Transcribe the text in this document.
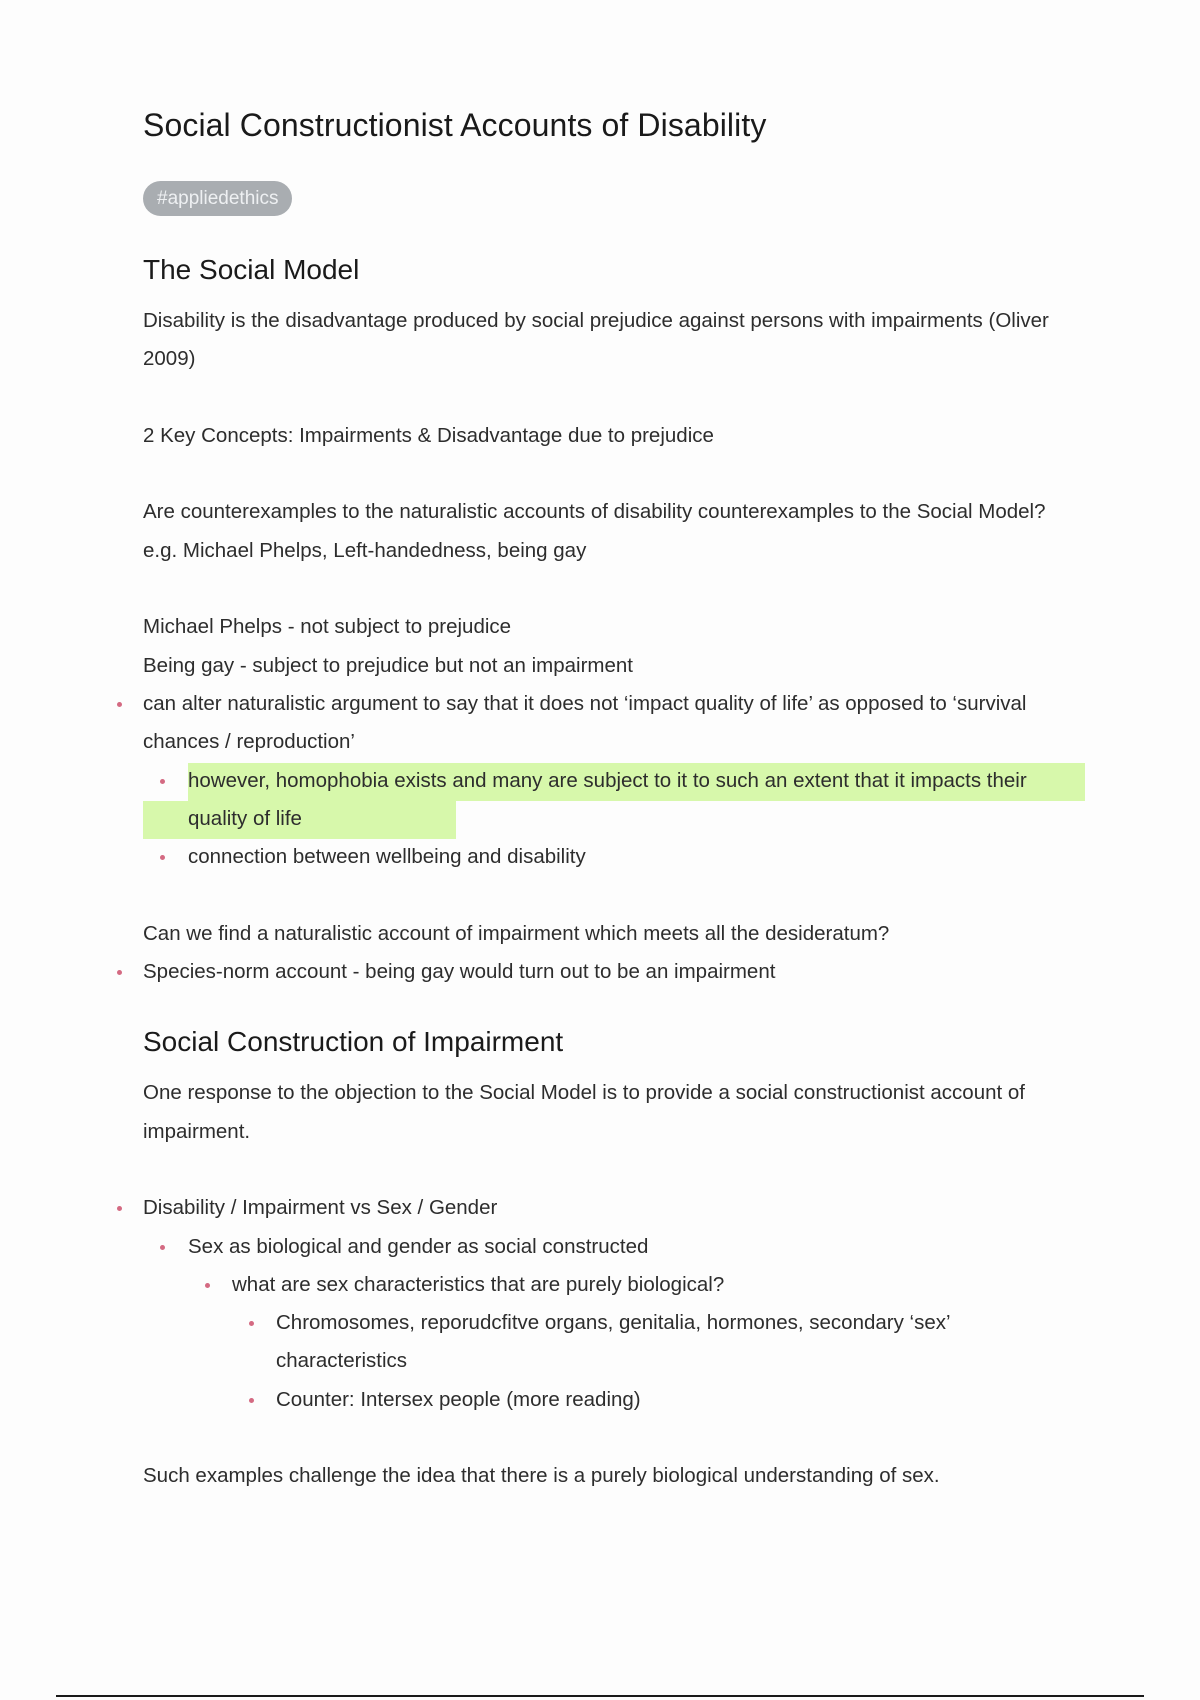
Social Constructionist Accounts of Disability
#appliedethics
The Social Model

Disability is the disadvantage produced by social prejudice against persons with impairments (Oliver 2009)

2 Key Concepts: Impairments & Disadvantage due to prejudice

Are counterexamples to the naturalistic accounts of disability counterexamples to the Social Model?

e.g. Michael Phelps, Left-handedness, being gay

Michael Phelps - not subject to prejudice

Being gay - subject to prejudice but not an impairment

can alter naturalistic argument to say that it does not ‘impact quality of life’ as opposed to ‘survival chances / reproduction’
however, homophobia exists and many are subject to it to such an extent that it impacts their quality of life
connection between wellbeing and disability

Can we find a naturalistic account of impairment which meets all the desideratum?

Species-norm account - being gay would turn out to be an impairment
Social Construction of Impairment

One response to the objection to the Social Model is to provide a social constructionist account of impairment.

Disability / Impairment vs Sex / Gender
Sex as biological and gender as social constructed
what are sex characteristics that are purely biological?
Chromosomes, reporudcfitve organs, genitalia, hormones, secondary ‘sex’ characteristics
Counter: Intersex people (more reading)

Such examples challenge the idea that there is a purely biological understanding of sex.
